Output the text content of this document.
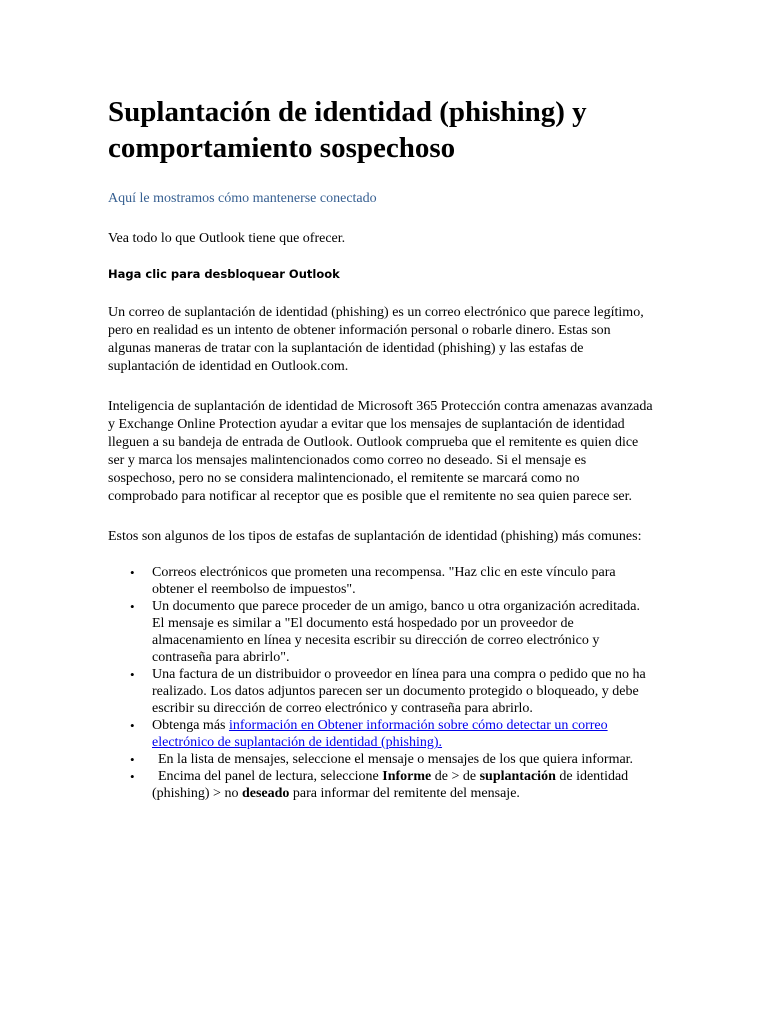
Suplantación de identidad (phishing) y comportamiento sospechoso
Aquí le mostramos cómo mantenerse conectado
Vea todo lo que Outlook tiene que ofrecer.
Haga clic para desbloquear Outlook

Un correo de suplantación de identidad (phishing) es un correo electrónico que parece legítimo, pero en realidad es un intento de obtener información personal o robarle dinero. Estas son algunas maneras de tratar con la suplantación de identidad (phishing) y las estafas de suplantación de identidad en Outlook.com.

Inteligencia de suplantación de identidad de Microsoft 365 Protección contra amenazas avanzada y Exchange Online Protection ayudar a evitar que los mensajes de suplantación de identidad lleguen a su bandeja de entrada de Outlook. Outlook comprueba que el remitente es quien dice ser y marca los mensajes malintencionados como correo no deseado. Si el mensaje es sospechoso, pero no se considera malintencionado, el remitente se marcará como no comprobado para notificar al receptor que es posible que el remitente no sea quien parece ser.

Estos son algunos de los tipos de estafas de suplantación de identidad (phishing) más comunes:

• Correos electrónicos que prometen una recompensa. "Haz clic en este vínculo para obtener el reembolso de impuestos".
• Un documento que parece proceder de un amigo, banco u otra organización acreditada. El mensaje es similar a "El documento está hospedado por un proveedor de almacenamiento en línea y necesita escribir su dirección de correo electrónico y contraseña para abrirlo".
• Una factura de un distribuidor o proveedor en línea para una compra o pedido que no ha realizado. Los datos adjuntos parecen ser un documento protegido o bloqueado, y debe escribir su dirección de correo electrónico y contraseña para abrirlo.
• Obtenga más información en Obtener información sobre cómo detectar un correo electrónico de suplantación de identidad (phishing).
• En la lista de mensajes, seleccione el mensaje o mensajes de los que quiera informar.
• Encima del panel de lectura, seleccione Informe de > de suplantación de identidad (phishing) > no deseado para informar del remitente del mensaje.
